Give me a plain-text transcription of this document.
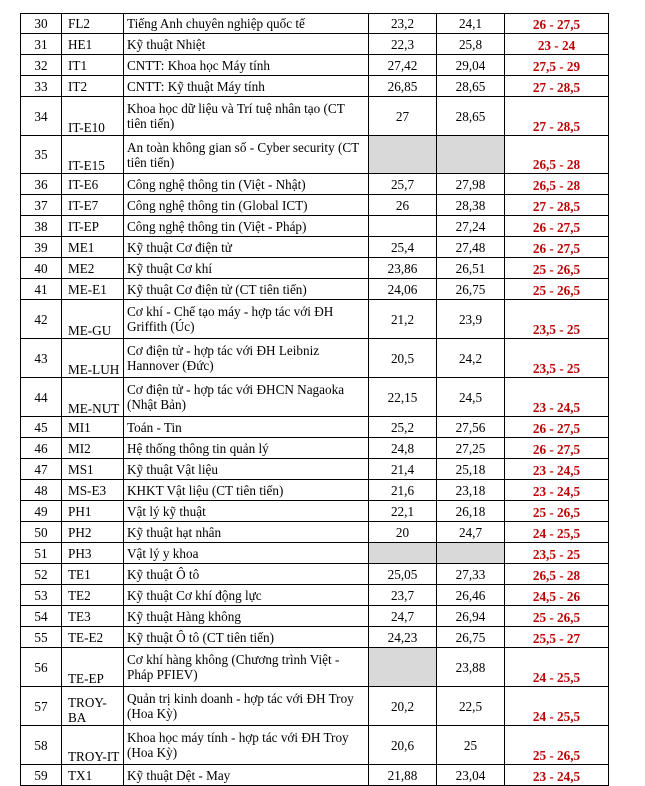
30	FL2	Tiếng Anh chuyên nghiệp quốc tế	23,2	24,1	26 - 27,5
31	HE1	Kỹ thuật Nhiệt	22,3	25,8	23 - 24
32	IT1	CNTT: Khoa học Máy tính	27,42	29,04	27,5 - 29
33	IT2	CNTT: Kỹ thuật Máy tính	26,85	28,65	27 - 28,5
34	IT-E10	Khoa học dữ liệu và Trí tuệ nhân tạo (CT tiên tiến)	27	28,65	27 - 28,5
35	IT-E15	An toàn không gian số - Cyber security (CT tiên tiến)			26,5 - 28
36	IT-E6	Công nghệ thông tin (Việt - Nhật)	25,7	27,98	26,5 - 28
37	IT-E7	Công nghệ thông tin (Global ICT)	26	28,38	27 - 28,5
38	IT-EP	Công nghệ thông tin (Việt - Pháp)		27,24	26 - 27,5
39	ME1	Kỹ thuật Cơ điện tử	25,4	27,48	26 - 27,5
40	ME2	Kỹ thuật Cơ khí	23,86	26,51	25 - 26,5
41	ME-E1	Kỹ thuật Cơ điện tử (CT tiên tiến)	24,06	26,75	25 - 26,5
42	ME-GU	Cơ khí - Chế tạo máy - hợp tác với ĐH Griffith (Úc)	21,2	23,9	23,5 - 25
43	ME-LUH	Cơ điện tử - hợp tác với ĐH Leibniz Hannover (Đức)	20,5	24,2	23,5 - 25
44	ME-NUT	Cơ điện tử - hợp tác với ĐHCN Nagaoka (Nhật Bản)	22,15	24,5	23 - 24,5
45	MI1	Toán - Tin	25,2	27,56	26 - 27,5
46	MI2	Hệ thống thông tin quản lý	24,8	27,25	26 - 27,5
47	MS1	Kỹ thuật Vật liệu	21,4	25,18	23 - 24,5
48	MS-E3	KHKT Vật liệu (CT tiên tiến)	21,6	23,18	23 - 24,5
49	PH1	Vật lý kỹ thuật	22,1	26,18	25 - 26,5
50	PH2	Kỹ thuật hạt nhân	20	24,7	24 - 25,5
51	PH3	Vật lý y khoa			23,5 - 25
52	TE1	Kỹ thuật Ô tô	25,05	27,33	26,5 - 28
53	TE2	Kỹ thuật Cơ khí động lực	23,7	26,46	24,5 - 26
54	TE3	Kỹ thuật Hàng không	24,7	26,94	25 - 26,5
55	TE-E2	Kỹ thuật Ô tô (CT tiên tiến)	24,23	26,75	25,5 - 27
56	TE-EP	Cơ khí hàng không (Chương trình Việt - Pháp PFIEV)		23,88	24 - 25,5
57	TROY-BA	Quản trị kinh doanh - hợp tác với ĐH Troy (Hoa Kỳ)	20,2	22,5	24 - 25,5
58	TROY-IT	Khoa học máy tính - hợp tác với ĐH Troy (Hoa Kỳ)	20,6	25	25 - 26,5
59	TX1	Kỹ thuật Dệt - May	21,88	23,04	23 - 24,5
